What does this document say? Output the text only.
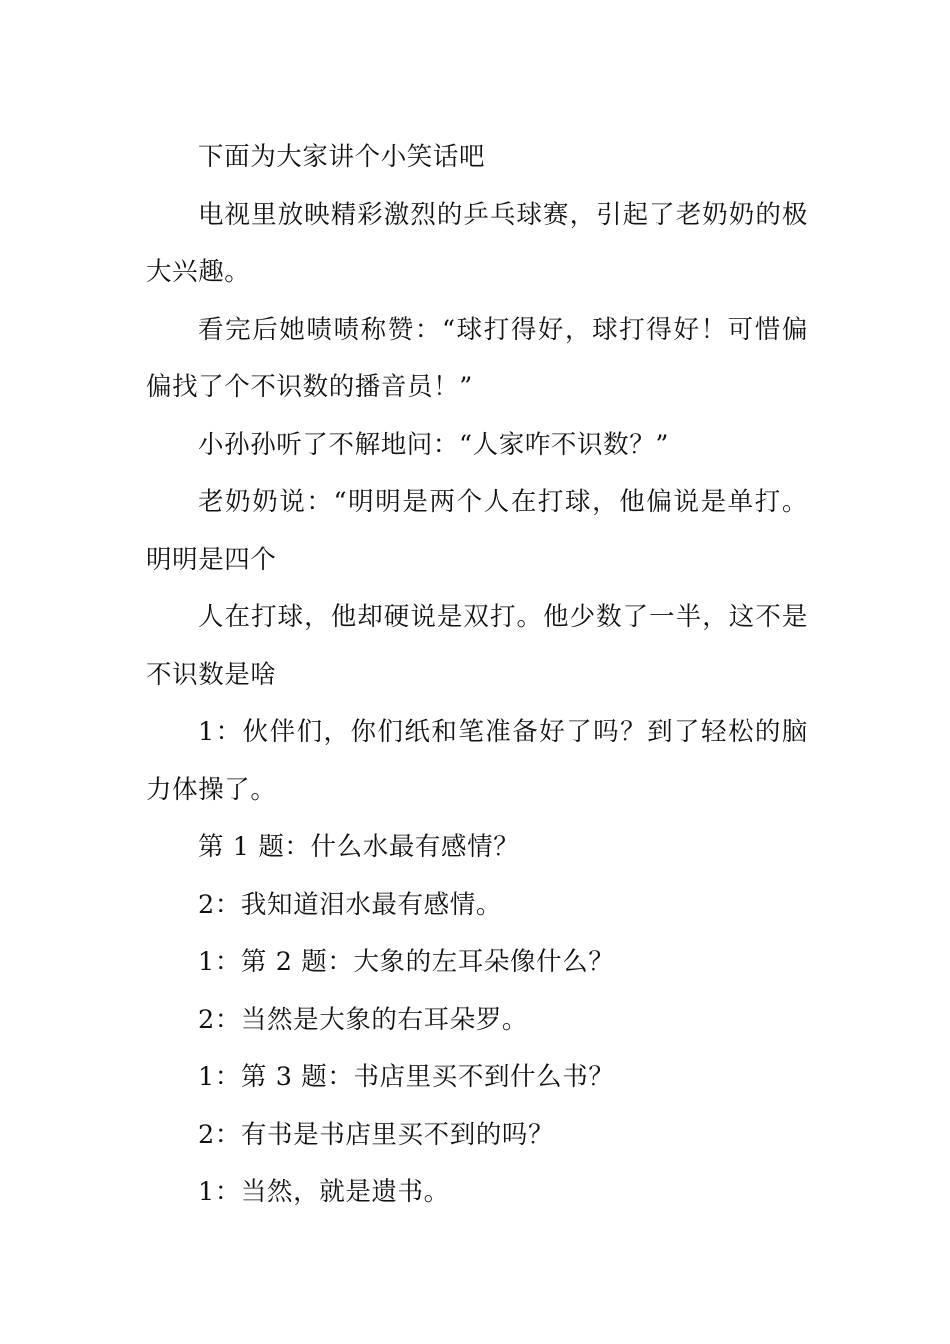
下面为大家讲个小笑话吧

电视里放映精彩激烈的乒乓球赛，引起了老奶奶的极大兴趣。

看完后她啧啧称赞：“球打得好，球打得好！可惜偏偏找了个不识数的播音员！”

小孙孙听了不解地问：“人家咋不识数？”

老奶奶说：“明明是两个人在打球，他偏说是单打。明明是四个

人在打球，他却硬说是双打。他少数了一半，这不是不识数是啥

1：伙伴们，你们纸和笔准备好了吗？到了轻松的脑力体操了。

第 1 题：什么水最有感情？

2：我知道泪水最有感情。

1：第 2 题：大象的左耳朵像什么？

2：当然是大象的右耳朵罗。

1：第 3 题：书店里买不到什么书？

2：有书是书店里买不到的吗？

1：当然，就是遗书。
